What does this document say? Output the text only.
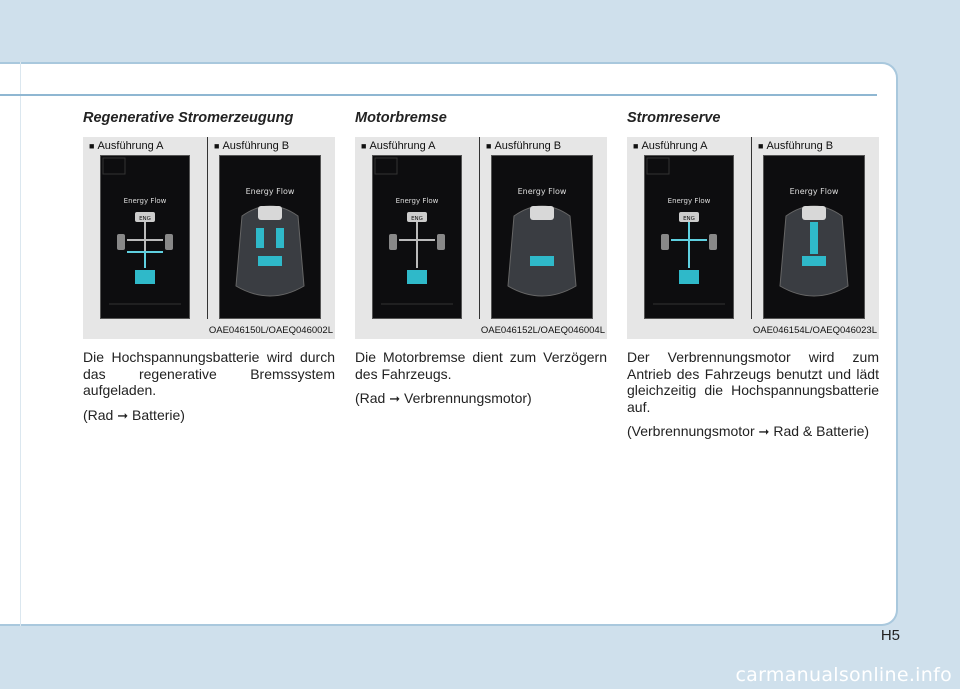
Regenerative Stromerzeugung
■ Ausführung A	■ Ausführung B
Energy Flow
ENG
Energy Flow
OAE046150L/OAEQ046002L

Die Hochspannungsbatterie wird durch das regenerative Bremssystem aufgeladen.

(Rad ➞ Batterie)

Motorbremse
■ Ausführung A	■ Ausführung B
Energy Flow
ENG
Energy Flow
OAE046152L/OAEQ046004L

Die Motorbremse dient zum Verzögern des Fahrzeugs.

(Rad ➞ Verbrennungsmotor)

Stromreserve
■ Ausführung A	■ Ausführung B
Energy Flow
ENG
Energy Flow
OAE046154L/OAEQ046023L

Der Verbrennungsmotor wird zum Antrieb des Fahrzeugs benutzt und lädt gleichzeitig die Hochspannungsbatterie auf.

(Verbrennungsmotor ➞ Rad & Batterie)

H5
carmanualsonline.info
